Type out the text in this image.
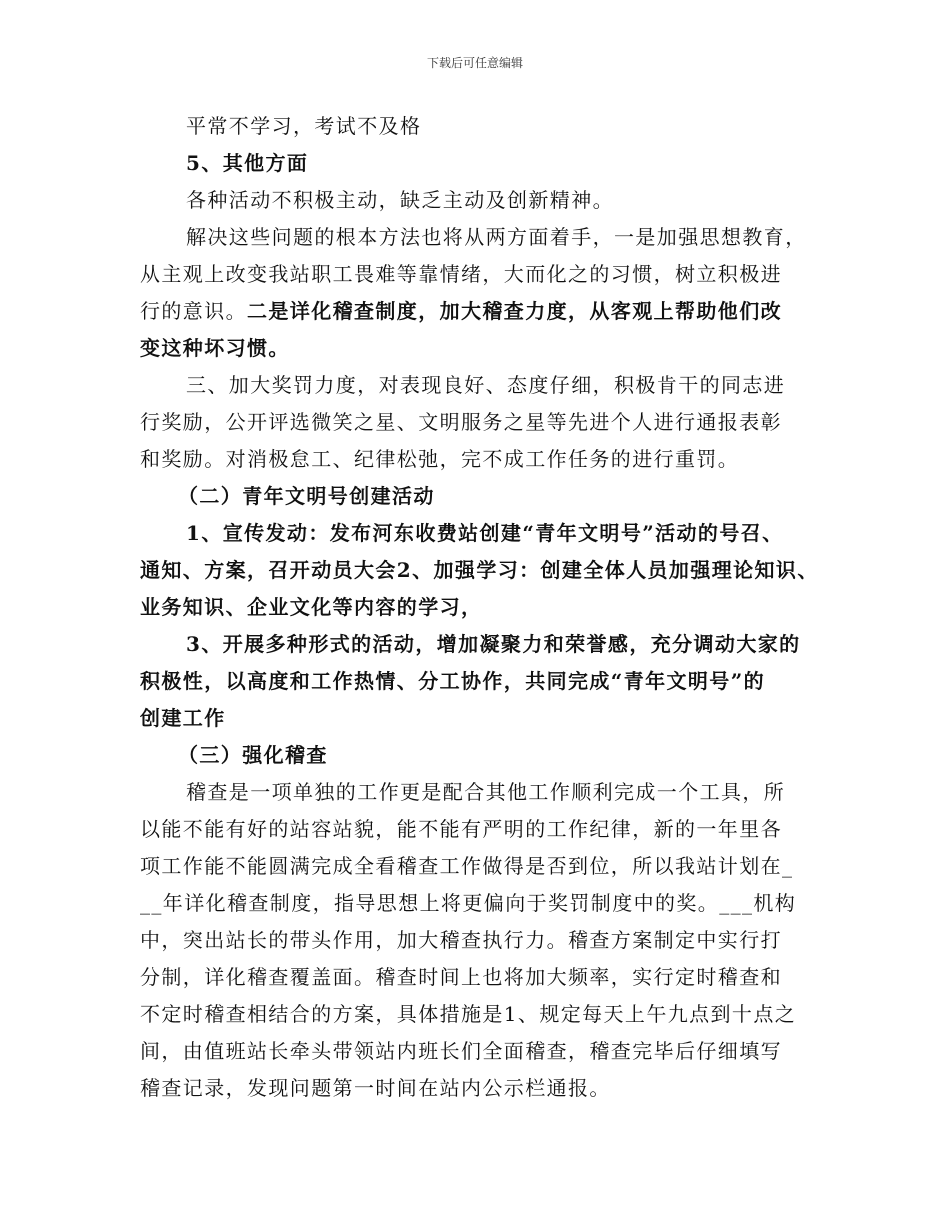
下载后可任意编辑

平常不学习，考试不及格

5、其他方面

各种活动不积极主动，缺乏主动及创新精神。

解决这些问题的根本方法也将从两方面着手，一是加强思想教育，

从主观上改变我站职工畏难等靠情绪，大而化之的习惯，树立积极进

行的意识。二是详化稽查制度，加大稽查力度，从客观上帮助他们改

变这种坏习惯。

三、加大奖罚力度，对表现良好、态度仔细，积极肯干的同志进

行奖励，公开评选微笑之星、文明服务之星等先进个人进行通报表彰

和奖励。对消极怠工、纪律松弛，完不成工作任务的进行重罚。

（二）青年文明号创建活动

1、宣传发动：发布河东收费站创建“青年文明号”活动的号召、

通知、方案，召开动员大会2、加强学习：创建全体人员加强理论知识、

业务知识、企业文化等内容的学习，

3、开展多种形式的活动，增加凝聚力和荣誉感，充分调动大家的

积极性，以高度和工作热情、分工协作，共同完成“青年文明号”的

创建工作

（三）强化稽查

稽查是一项单独的工作更是配合其他工作顺利完成一个工具，所

以能不能有好的站容站貌，能不能有严明的工作纪律，新的一年里各

项工作能不能圆满完成全看稽查工作做得是否到位，所以我站计划在_

__年详化稽查制度，指导思想上将更偏向于奖罚制度中的奖。___机构

中，突出站长的带头作用，加大稽查执行力。稽查方案制定中实行打

分制，详化稽查覆盖面。稽查时间上也将加大频率，实行定时稽查和

不定时稽查相结合的方案，具体措施是1、规定每天上午九点到十点之

间，由值班站长牵头带领站内班长们全面稽查，稽查完毕后仔细填写

稽查记录，发现问题第一时间在站内公示栏通报。
